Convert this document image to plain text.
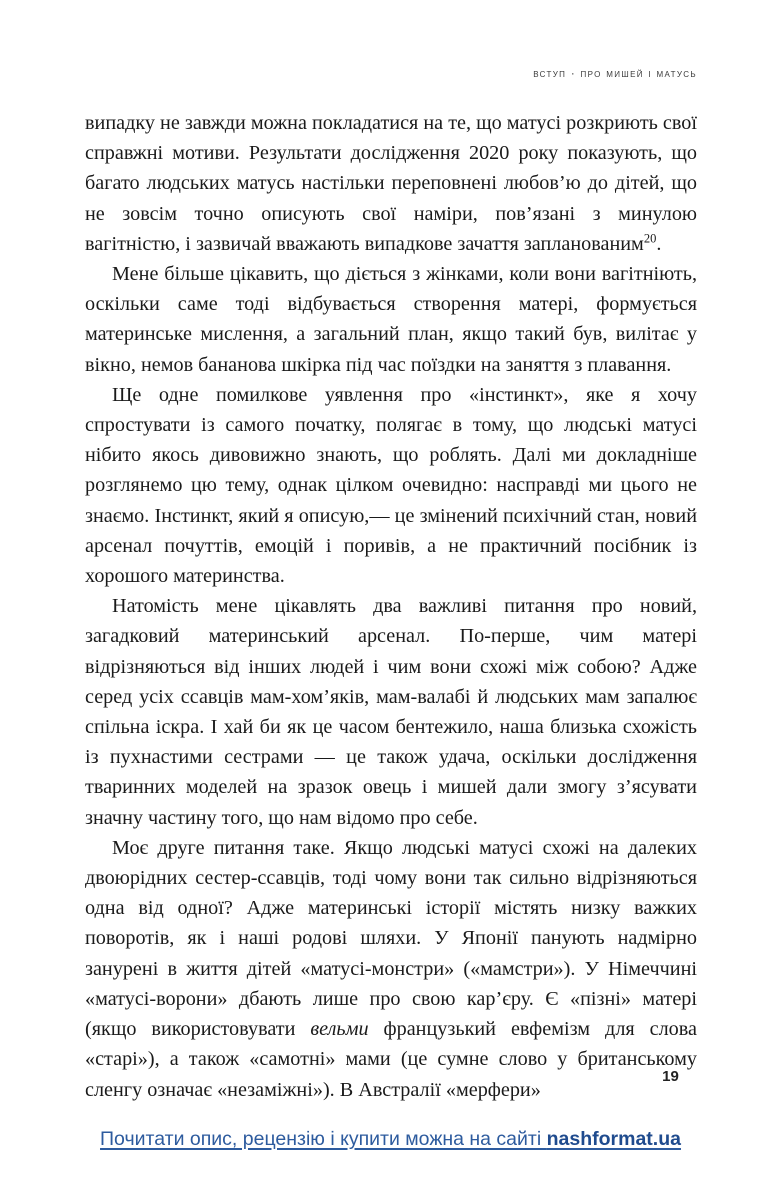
вступ · про мишей і матусь

випадку не завжди можна покладатися на те, що матусі розкриють свої справжні мотиви. Результати дослідження 2020 року показують, що багато людських матусь настільки переповнені любов’ю до дітей, що не зовсім точно описують свої наміри, пов’язані з минулою вагітністю, і зазвичай вважають випадкове зачаття запланованим$^{20}$.

Мене більше цікавить, що діється з жінками, коли вони вагітніють, оскільки саме тоді відбувається створення матері, формується материнське мислення, а загальний план, якщо такий був, вилітає у вікно, немов бананова шкірка під час поїздки на заняття з плавання.

Ще одне помилкове уявлення про «інстинкт», яке я хочу спростувати із самого початку, полягає в тому, що людські матусі нібито якось дивовижно знають, що роблять. Далі ми докладніше розглянемо цю тему, однак цілком очевидно: насправді ми цього не знаємо. Інстинкт, який я описую,— це змінений психічний стан, новий арсенал почуттів, емоцій і поривів, а не практичний посібник із хорошого материнства.

Натомість мене цікавлять два важливі питання про новий, загадковий материнський арсенал. По-перше, чим матері відрізняються від інших людей і чим вони схожі між собою? Адже серед усіх ссавців мам-хом’яків, мам-валабі й людських мам запалює спільна іскра. І хай би як це часом бентежило, наша близька схожість із пухнастими сестрами — це також удача, оскільки дослідження тваринних моделей на зразок овець і мишей дали змогу з’ясувати значну частину того, що нам відомо про себе.

Моє друге питання таке. Якщо людські матусі схожі на далеких двоюрідних сестер-ссавців, тоді чому вони так сильно відрізняються одна від одної? Адже материнські історії містять низку важких поворотів, як і наші родові шляхи. У Японії панують надмірно занурені в життя дітей «матусі-монстри» («мамстри»). У Німеччині «матусі-ворони» дбають лише про свою кар’єру. Є «пізні» матері (якщо використовувати вельми французький евфемізм для слова «старі»), а також «самотні» мами (це сумне слово у британському сленгу означає «незаміжні»). В Австралії «мерфери»

19
Почитати опис, рецензію і купити можна на сайті nashformat.ua
